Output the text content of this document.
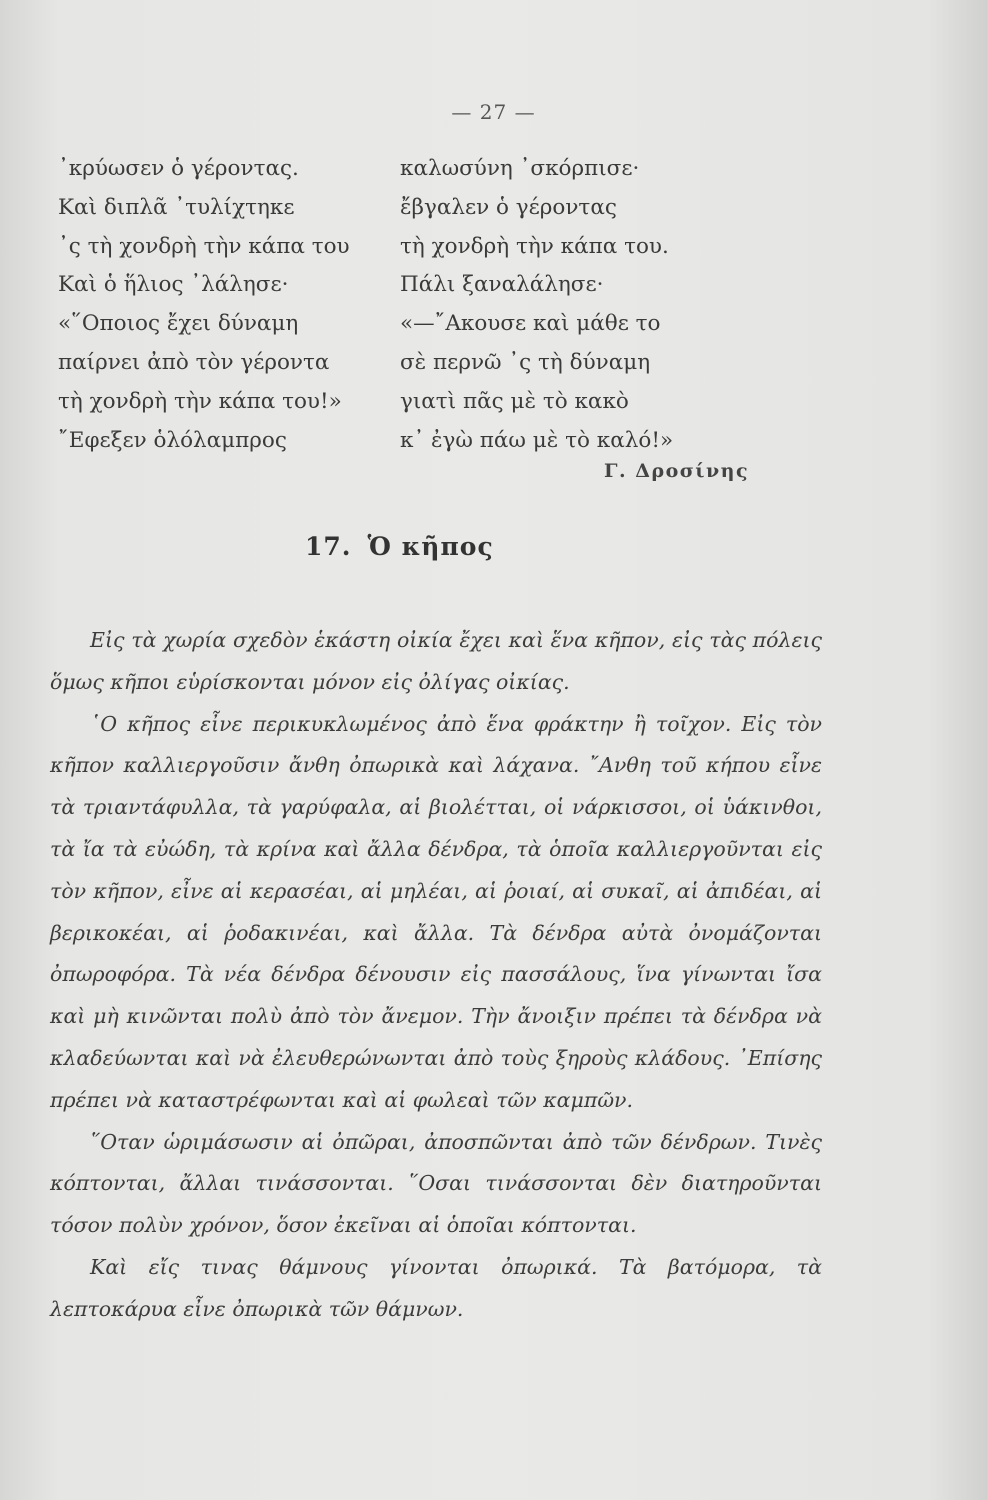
— 27 —
᾽κρύωσεν ὁ γέροντας.
Καὶ διπλᾶ ᾽τυλίχτηκε
᾽ς τὴ χονδρὴ τὴν κάπα του
Καὶ ὁ ἥλιος ᾽λάλησε·
«῞Οποιος ἔχει δύναμη
παίρνει ἀπὸ τὸν γέροντα
τὴ χονδρὴ τὴν κάπα του!»
῎Εφεξεν ὁλόλαμπρος
καλωσύνη ᾽σκόρπισε·
ἔβγαλεν ὁ γέροντας
τὴ χονδρὴ τὴν κάπα του.
Πάλι ξαναλάλησε·
«—῎Ακουσε καὶ μάθε το
σὲ περνῶ ᾽ς τὴ δύναμη
γιατὶ πᾶς μὲ τὸ κακὸ
κ᾽ ἐγὼ πάω μὲ τὸ καλό!»
Γ. Δροσίνης
17. Ὁ κῆπος

Εἰς τὰ χωρία σχεδὸν ἑκάστη οἰκία ἔχει καὶ ἕνα κῆπον, εἰς τὰς πόλεις ὅμως κῆποι εὑρίσκονται μόνον εἰς ὀλίγας οἰκίας.

῾Ο κῆπος εἶνε περικυκλωμένος ἀπὸ ἕνα φράκτην ἢ τοῖχον. Εἰς τὸν κῆπον καλλιεργοῦσιν ἄνθη ὀπωρικὰ καὶ λάχανα. ῎Ανθη τοῦ κήπου εἶνε τὰ τριαντάφυλλα, τὰ γαρύφαλα, αἱ βιολέτται, οἱ νάρκισσοι, οἱ ὑάκινθοι, τὰ ἴα τὰ εὐώδη, τὰ κρίνα καὶ ἄλλα δένδρα, τὰ ὁποῖα καλλιεργοῦνται εἰς τὸν κῆπον, εἶνε αἱ κερασέαι, αἱ μηλέαι, αἱ ῥοιαί, αἱ συκαῖ, αἱ ἀπιδέαι, αἱ βερικοκέαι, αἱ ῥοδακινέαι, καὶ ἄλλα. Τὰ δένδρα αὐτὰ ὀνομάζονται ὀπωροφόρα. Τὰ νέα δένδρα δένουσιν εἰς πασσάλους, ἵνα γίνωνται ἴσα καὶ μὴ κινῶνται πολὺ ἀπὸ τὸν ἄνεμον. Τὴν ἄνοιξιν πρέπει τὰ δένδρα νὰ κλαδεύωνται καὶ νὰ ἐλευθερώνωνται ἀπὸ τοὺς ξηροὺς κλάδους. ᾽Επίσης πρέπει νὰ καταστρέφωνται καὶ αἱ φωλεαὶ τῶν καμπῶν.

῞Οταν ὡριμάσωσιν αἱ ὀπῶραι, ἀποσπῶνται ἀπὸ τῶν δένδρων. Τινὲς κόπτονται, ἄλλαι τινάσσονται. ῞Οσαι τινάσσονται δὲν διατηροῦνται τόσον πολὺν χρόνον, ὅσον ἐκεῖναι αἱ ὁποῖαι κόπτονται.

Καὶ εἴς τινας θάμνους γίνονται ὀπωρικά. Τὰ βατόμορα, τὰ λεπτοκάρυα εἶνε ὀπωρικὰ τῶν θάμνων.
